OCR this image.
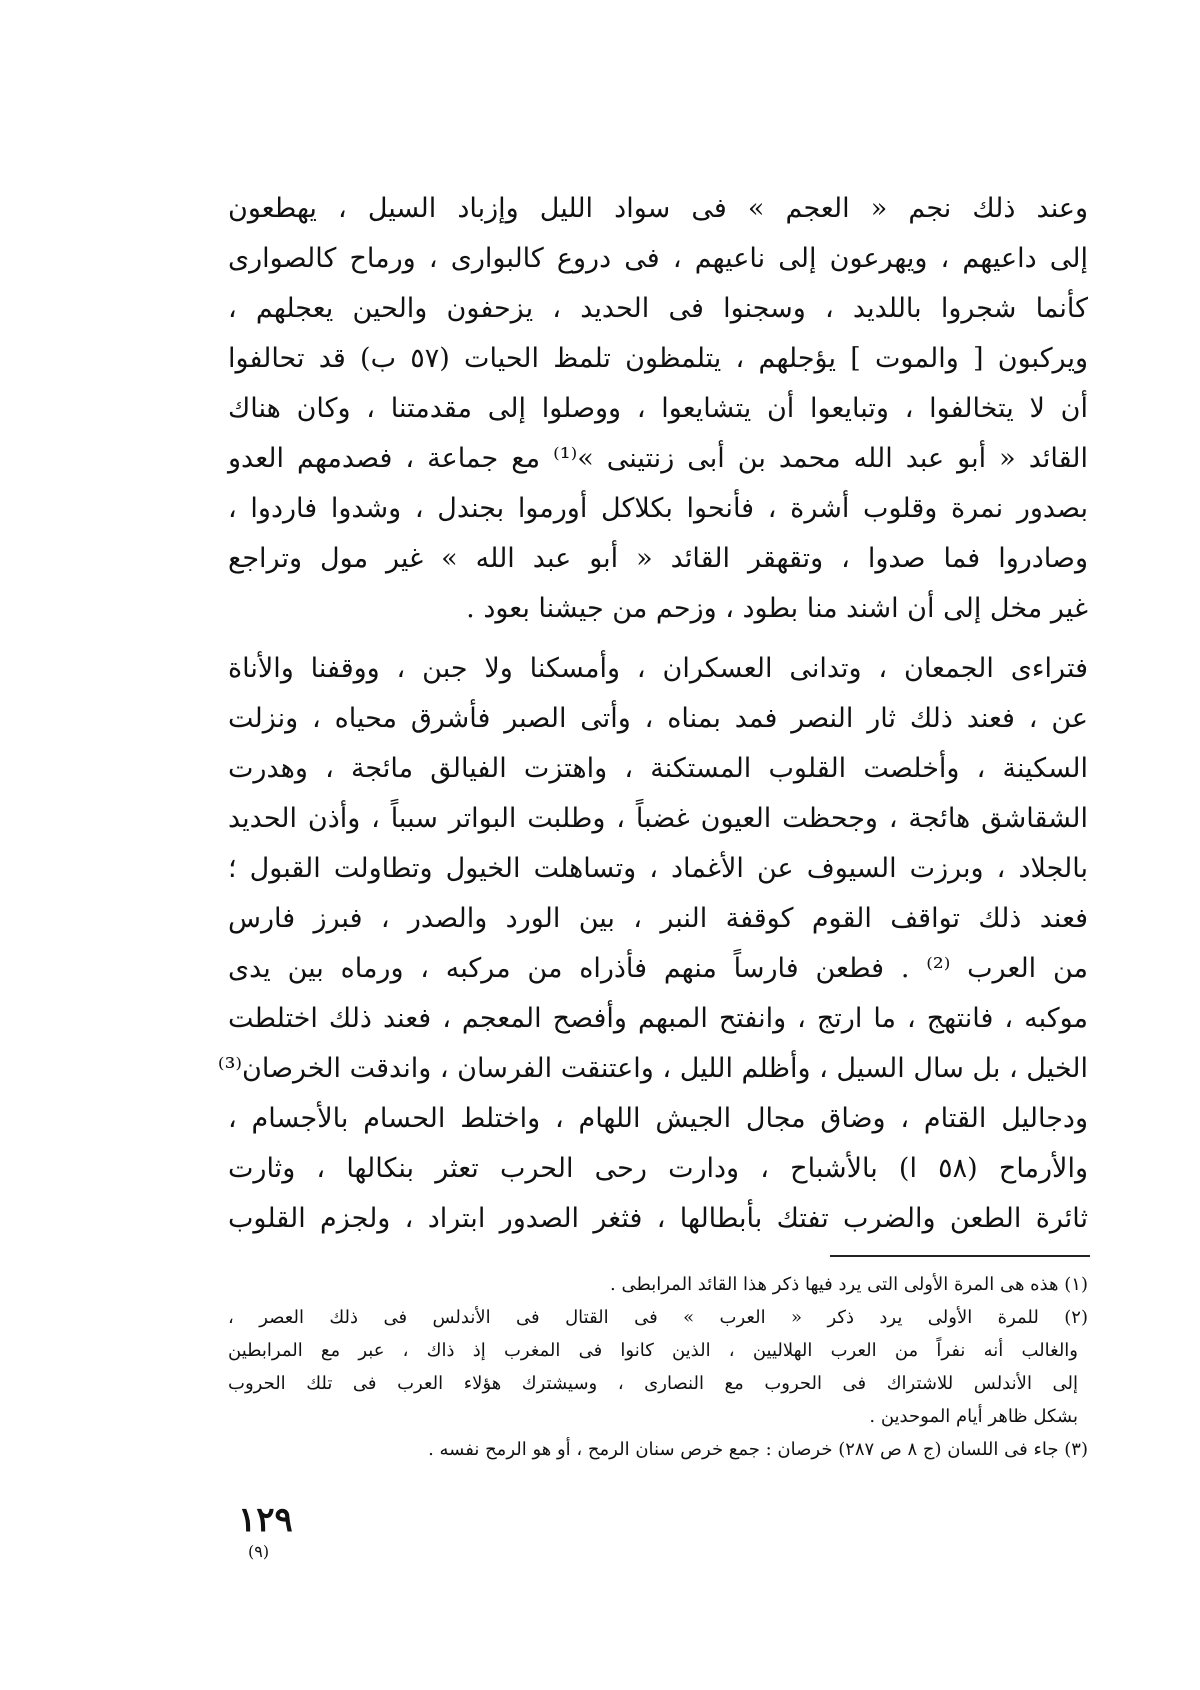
وعند ذلك نجم « العجم » فى سواد الليل وإزباد السيل ، يهطعون
إلى داعيهم ، ويهرعون إلى ناعيهم ، فى دروع كالبوارى ، ورماح كالصوارى
كأنما شجروا باللديد ، وسجنوا فى الحديد ، يزحفون والحين يعجلهم ،
ويركبون [ والموت ] يؤجلهم ، يتلمظون تلمظ الحيات (٥٧ ب) قد تحالفوا
أن لا يتخالفوا ، وتبايعوا أن يتشايعوا ، ووصلوا إلى مقدمتنا ، وكان هناك
القائد « أبو عبد الله محمد بن أبى زنتينى »⁽¹⁾ مع جماعة ، فصدمهم العدو
بصدور نمرة وقلوب أشرة ، فأنحوا بكلاكل أورموا بجندل ، وشدوا فاردوا ،
وصادروا فما صدوا ، وتقهقر القائد « أبو عبد الله » غير مول وتراجع
غير مخل إلى أن اشند منا بطود ، وزحم من جيشنا بعود .
فتراءى الجمعان ، وتدانى العسكران ، وأمسكنا ولا جبن ، ووقفنا والأناة
عن ، فعند ذلك ثار النصر فمد بمناه ، وأتى الصبر فأشرق محياه ، ونزلت
السكينة ، وأخلصت القلوب المستكنة ، واهتزت الفيالق مائجة ، وهدرت
الشقاشق هائجة ، وجحظت العيون غضباً ، وطلبت البواتر سبباً ، وأذن الحديد
بالجلاد ، وبرزت السيوف عن الأغماد ، وتساهلت الخيول وتطاولت القبول ؛
فعند ذلك تواقف القوم كوقفة النبر ، بين الورد والصدر ، فبرز فارس
من العرب ⁽²⁾ . فطعن فارساً منهم فأذراه من مركبه ، ورماه بين يدى
موكبه ، فانتهج ، ما ارتج ، وانفتح المبهم وأفصح المعجم ، فعند ذلك اختلطت
الخيل ، بل سال السيل ، وأظلم الليل ، واعتنقت الفرسان ، واندقت الخرصان⁽³⁾
ودجاليل القتام ، وضاق مجال الجيش اللهام ، واختلط الحسام بالأجسام ،
والأرماح (٥٨ ا) بالأشباح ، ودارت رحى الحرب تعثر بنكالها ، وثارت
ثائرة الطعن والضرب تفتك بأبطالها ، فثغر الصدور ابتراد ، ولجزم القلوب
(١) هذه هى المرة الأولى التى يرد فيها ذكر هذا القائد المرابطى .
(٢) للمرة الأولى يرد ذكر « العرب » فى القتال فى الأندلس فى ذلك العصر ،
والغالب أنه نفراً من العرب الهلاليين ، الذين كانوا فى المغرب إذ ذاك ، عبر مع المرابطين
إلى الأندلس للاشتراك فى الحروب مع النصارى ، وسيشترك هؤلاء العرب فى تلك الحروب
بشكل ظاهر أيام الموحدين .
(٣) جاء فى اللسان (ج ٨ ص ٢٨٧) خرصان : جمع خرص سنان الرمح ، أو هو الرمح نفسه .
١٢٩
(٩)
